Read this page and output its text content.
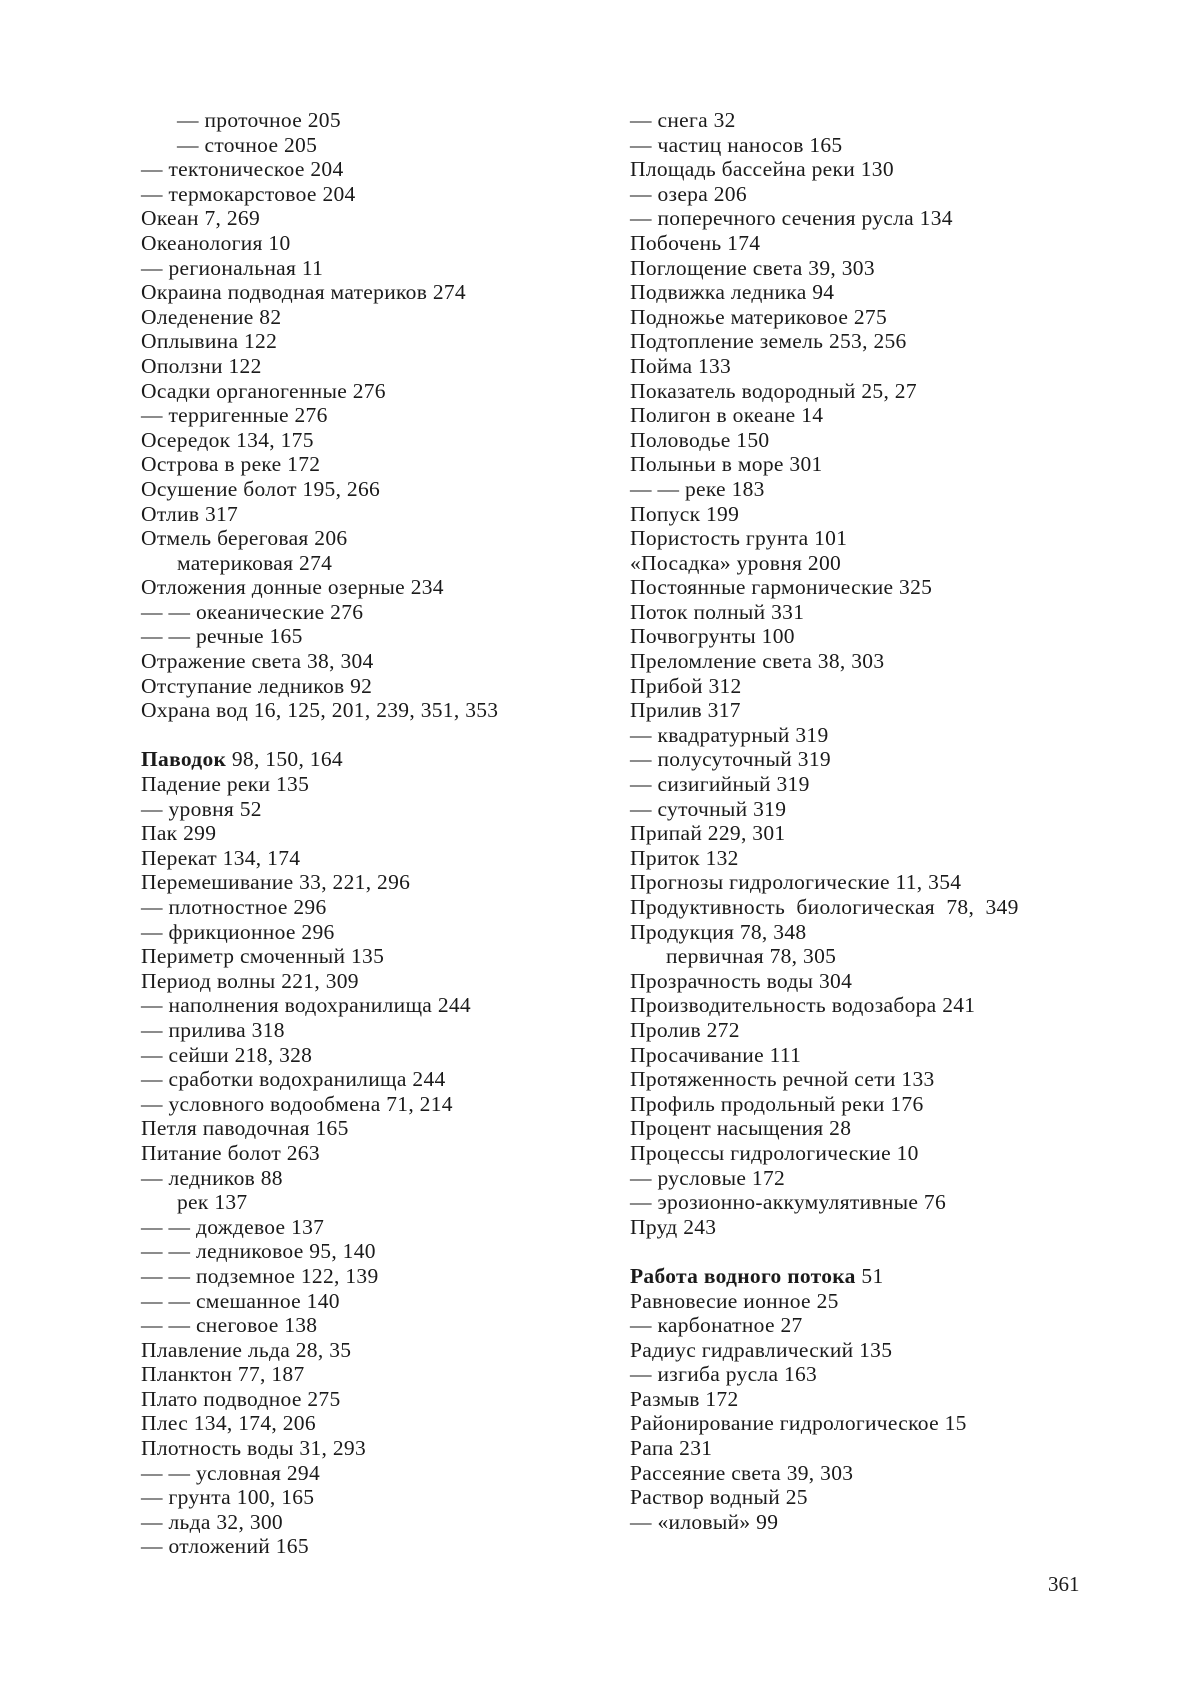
— проточное 205
— сточное 205
— тектоническое 204
— термокарстовое 204
Океан 7, 269
Океанология 10
— региональная 11
Окраина подводная материков 274
Оледенение 82
Оплывина 122
Оползни 122
Осадки органогенные 276
— терригенные 276
Осередок 134, 175
Острова в реке 172
Осушение болот 195, 266
Отлив 317
Отмель береговая 206
материковая 274
Отложения донные озерные 234
— — океанические 276
— — речные 165
Отражение света 38, 304
Отступание ледников 92
Охрана вод 16, 125, 201, 239, 351, 353
Паводок 98, 150, 164
Падение реки 135
— уровня 52
Пак 299
Перекат 134, 174
Перемешивание 33, 221, 296
— плотностное 296
— фрикционное 296
Периметр смоченный 135
Период волны 221, 309
— наполнения водохранилища 244
— прилива 318
— сейши 218, 328
— сработки водохранилища 244
— условного водообмена 71, 214
Петля паводочная 165
Питание болот 263
— ледников 88
рек 137
— — дождевое 137
— — ледниковое 95, 140
— — подземное 122, 139
— — смешанное 140
— — снеговое 138
Плавление льда 28, 35
Планктон 77, 187
Плато подводное 275
Плес 134, 174, 206
Плотность воды 31, 293
— — условная 294
— грунта 100, 165
— льда 32, 300
— отложений 165
— снега 32
— частиц наносов 165
Площадь бассейна реки 130
— озера 206
— поперечного сечения русла 134
Побочень 174
Поглощение света 39, 303
Подвижка ледника 94
Подножье материковое 275
Подтопление земель 253, 256
Пойма 133
Показатель водородный 25, 27
Полигон в океане 14
Половодье 150
Полыньи в море 301
— — реке 183
Попуск 199
Пористость грунта 101
«Посадка» уровня 200
Постоянные гармонические 325
Поток полный 331
Почвогрунты 100
Преломление света 38, 303
Прибой 312
Прилив 317
— квадратурный 319
— полусуточный 319
— сизигийный 319
— суточный 319
Припай 229, 301
Приток 132
Прогнозы гидрологические 11, 354
Продуктивность  биологическая  78,  349
Продукция 78, 348
первичная 78, 305
Прозрачность воды 304
Производительность водозабора 241
Пролив 272
Просачивание 111
Протяженность речной сети 133
Профиль продольный реки 176
Процент насыщения 28
Процессы гидрологические 10
— русловые 172
— эрозионно-аккумулятивные 76
Пруд 243
Работа водного потока 51
Равновесие ионное 25
— карбонатное 27
Радиус гидравлический 135
— изгиба русла 163
Размыв 172
Районирование гидрологическое 15
Рапа 231
Рассеяние света 39, 303
Раствор водный 25
— «иловый» 99
361
